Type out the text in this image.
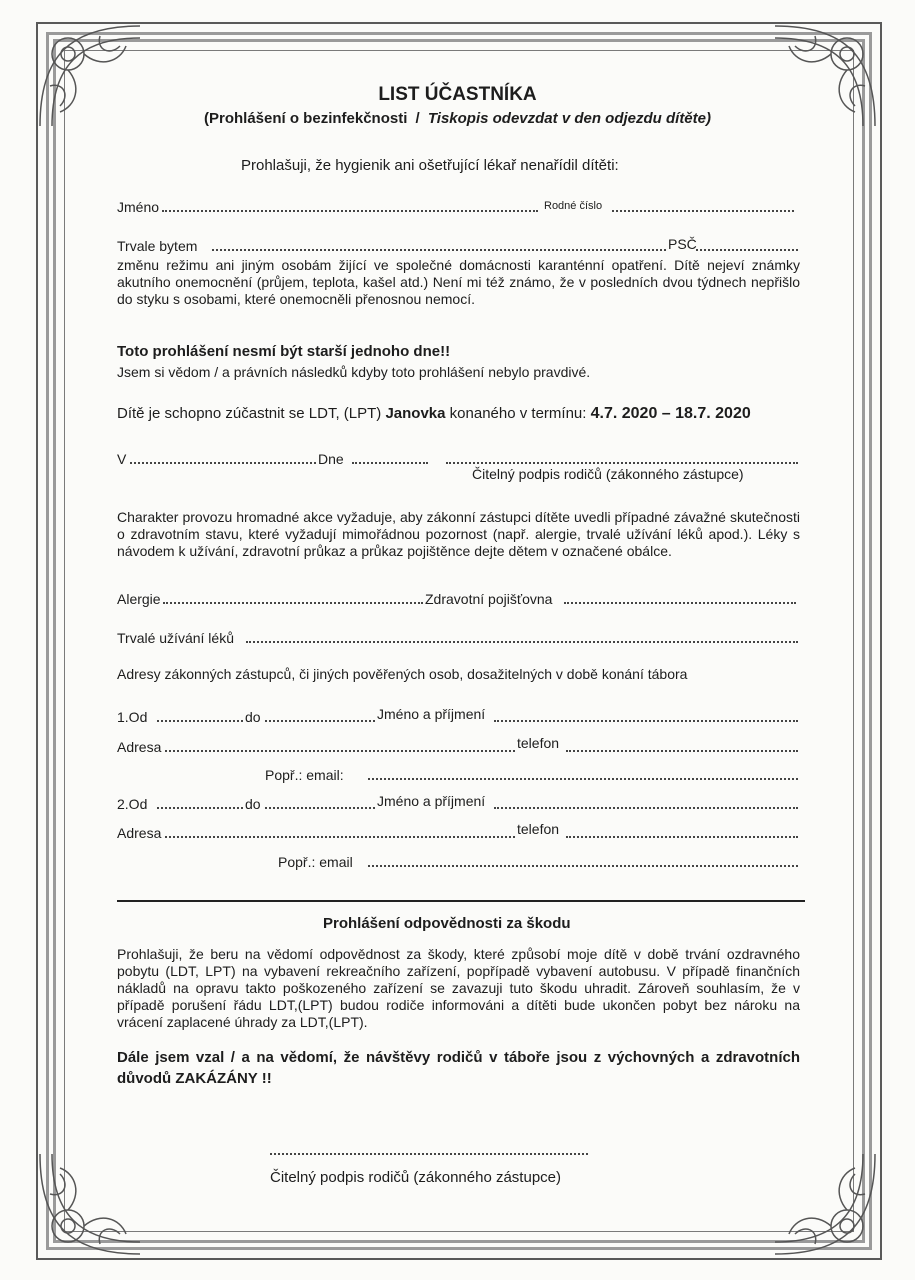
LIST ÚČASTNÍKA
(Prohlášení o bezinfekčnosti / Tiskopis odevzdat v den odjezdu dítěte)
Prohlašuji, že hygienik ani ošetřující lékař nenařídil dítěti:
Jméno	Rodné číslo
Trvale bytem	PSČ
změnu režimu ani jiným osobám žijící ve společné domácnosti karanténní opatření. Dítě nejeví známky akutního onemocnění (průjem, teplota, kašel atd.) Není mi též známo, že v posledních dvou týdnech nepřišlo do styku s osobami, které onemocněli přenosnou nemocí.
Toto prohlášení nesmí být starší jednoho dne!!
Jsem si vědom / a právních následků kdyby toto prohlášení nebylo pravdivé.
Dítě je schopno zúčastnit se LDT, (LPT) Janovka konaného v termínu: 4.7. 2020 – 18.7. 2020
V	Dne
Čitelný podpis rodičů (zákonného zástupce)
Charakter provozu hromadné akce vyžaduje, aby zákonní zástupci dítěte uvedli případné závažné skutečnosti o zdravotním stavu, které vyžadují mimořádnou pozornost (např. alergie, trvalé užívání léků apod.). Léky s návodem k užívání, zdravotní průkaz a průkaz pojištěnce dejte dětem v označené obálce.
Alergie	Zdravotní pojišťovna
Trvalé užívání léků
Adresy zákonných zástupců, či jiných pověřených osob, dosažitelných v době konání tábora
1.Od	do	Jméno a příjmení
Adresa	telefon
Popř.: email:
2.Od	do	Jméno a příjmení
Adresa	telefon
Popř.: email
Prohlášení odpovědnosti za škodu
Prohlašuji, že beru na vědomí odpovědnost za škody, které způsobí moje dítě v době trvání ozdravného pobytu (LDT, LPT) na vybavení rekreačního zařízení, popřípadě vybavení autobusu. V případě finančních nákladů na opravu takto poškozeného zařízení se zavazuji tuto škodu uhradit. Zároveň souhlasím, že v případě porušení řádu LDT,(LPT) budou rodiče informováni a dítěti bude ukončen pobyt bez nároku na vrácení zaplacené úhrady za LDT,(LPT).
Dále jsem vzal / a na vědomí, že návštěvy rodičů v táboře jsou z výchovných a zdravotních důvodů ZAKÁZÁNY !!
Čitelný podpis rodičů (zákonného zástupce)
